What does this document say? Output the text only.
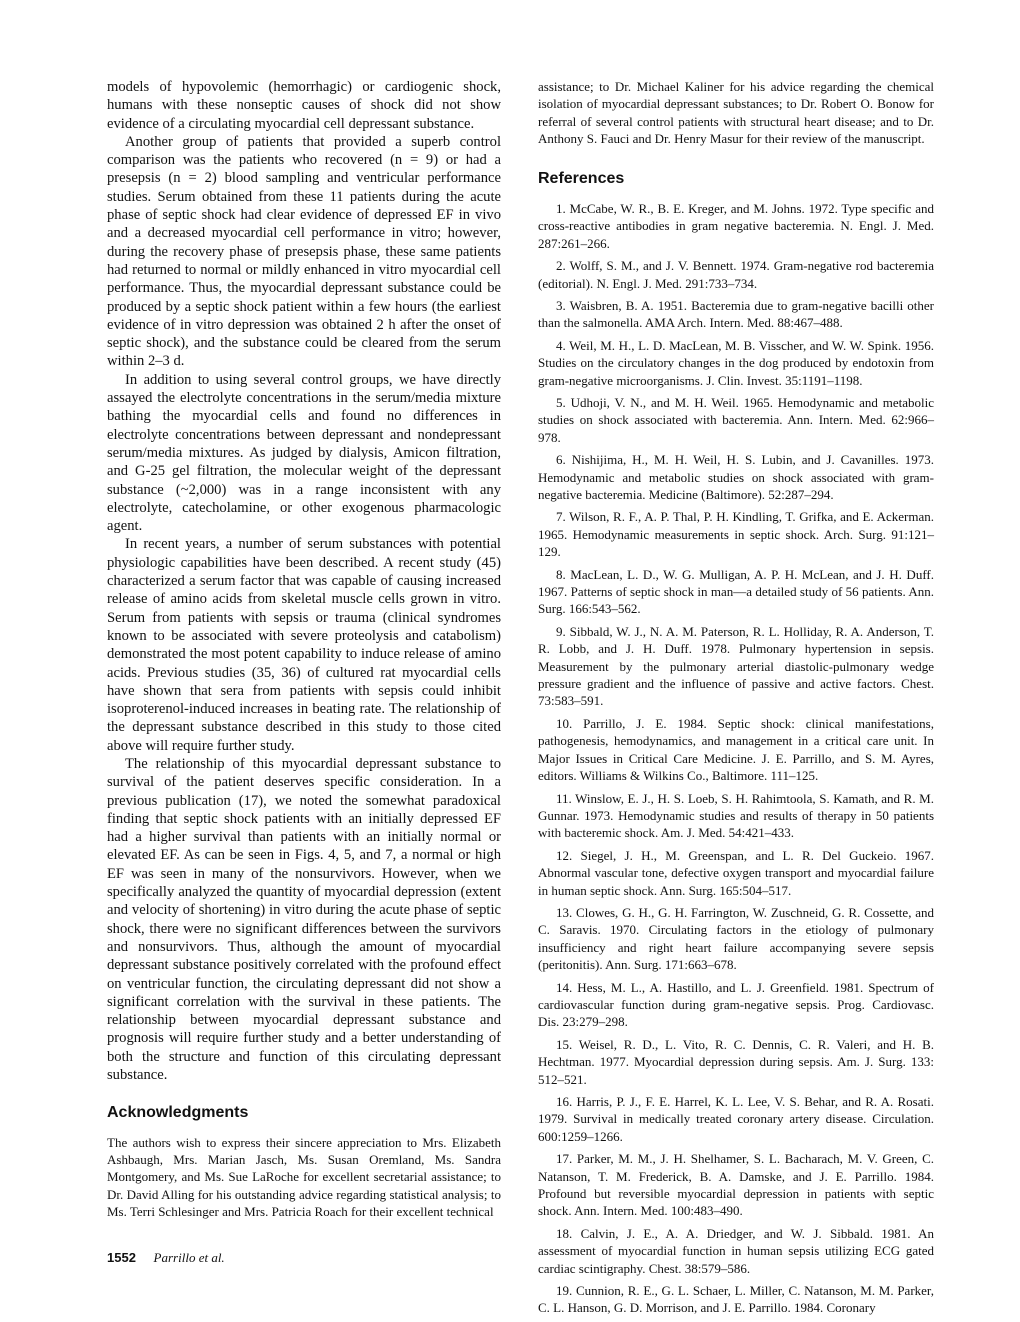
models of hypovolemic (hemorrhagic) or cardiogenic shock, humans with these nonseptic causes of shock did not show evidence of a circulating myocardial cell depressant substance.

Another group of patients that provided a superb control comparison was the patients who recovered (n = 9) or had a presepsis (n = 2) blood sampling and ventricular performance studies. Serum obtained from these 11 patients during the acute phase of septic shock had clear evidence of depressed EF in vivo and a decreased myocardial cell performance in vitro; however, during the recovery phase of presepsis phase, these same patients had returned to normal or mildly enhanced in vitro myocardial cell performance. Thus, the myocardial depressant substance could be produced by a septic shock patient within a few hours (the earliest evidence of in vitro depression was obtained 2 h after the onset of septic shock), and the substance could be cleared from the serum within 2–3 d.

In addition to using several control groups, we have directly assayed the electrolyte concentrations in the serum/media mixture bathing the myocardial cells and found no differences in electrolyte concentrations between depressant and nondepressant serum/media mixtures. As judged by dialysis, Amicon filtration, and G-25 gel filtration, the molecular weight of the depressant substance (~2,000) was in a range inconsistent with any electrolyte, catecholamine, or other exogenous pharmacologic agent.

In recent years, a number of serum substances with potential physiologic capabilities have been described. A recent study (45) characterized a serum factor that was capable of causing increased release of amino acids from skeletal muscle cells grown in vitro. Serum from patients with sepsis or trauma (clinical syndromes known to be associated with severe proteolysis and catabolism) demonstrated the most potent capability to induce release of amino acids. Previous studies (35, 36) of cultured rat myocardial cells have shown that sera from patients with sepsis could inhibit isoproterenol-induced increases in beating rate. The relationship of the depressant substance described in this study to those cited above will require further study.

The relationship of this myocardial depressant substance to survival of the patient deserves specific consideration. In a previous publication (17), we noted the somewhat paradoxical finding that septic shock patients with an initially depressed EF had a higher survival than patients with an initially normal or elevated EF. As can be seen in Figs. 4, 5, and 7, a normal or high EF was seen in many of the nonsurvivors. However, when we specifically analyzed the quantity of myocardial depression (extent and velocity of shortening) in vitro during the acute phase of septic shock, there were no significant differences between the survivors and nonsurvivors. Thus, although the amount of myocardial depressant substance positively correlated with the profound effect on ventricular function, the circulating depressant did not show a significant correlation with the survival in these patients. The relationship between myocardial depressant substance and prognosis will require further study and a better understanding of both the structure and function of this circulating depressant substance.

Acknowledgments

The authors wish to express their sincere appreciation to Mrs. Elizabeth Ashbaugh, Mrs. Marian Jasch, Ms. Susan Oremland, Ms. Sandra Montgomery, and Ms. Sue LaRoche for excellent secretarial assistance; to Dr. David Alling for his outstanding advice regarding statistical analysis; to Ms. Terri Schlesinger and Mrs. Patricia Roach for their excellent technical

assistance; to Dr. Michael Kaliner for his advice regarding the chemical isolation of myocardial depressant substances; to Dr. Robert O. Bonow for referral of several control patients with structural heart disease; and to Dr. Anthony S. Fauci and Dr. Henry Masur for their review of the manuscript.

References
1. McCabe, W. R., B. E. Kreger, and M. Johns. 1972. Type specific and cross-reactive antibodies in gram negative bacteremia. N. Engl. J. Med. 287:261–266.
2. Wolff, S. M., and J. V. Bennett. 1974. Gram-negative rod bacteremia (editorial). N. Engl. J. Med. 291:733–734.
3. Waisbren, B. A. 1951. Bacteremia due to gram-negative bacilli other than the salmonella. AMA Arch. Intern. Med. 88:467–488.
4. Weil, M. H., L. D. MacLean, M. B. Visscher, and W. W. Spink. 1956. Studies on the circulatory changes in the dog produced by endotoxin from gram-negative microorganisms. J. Clin. Invest. 35:1191–1198.
5. Udhoji, V. N., and M. H. Weil. 1965. Hemodynamic and metabolic studies on shock associated with bacteremia. Ann. Intern. Med. 62:966–978.
6. Nishijima, H., M. H. Weil, H. S. Lubin, and J. Cavanilles. 1973. Hemodynamic and metabolic studies on shock associated with gram-negative bacteremia. Medicine (Baltimore). 52:287–294.
7. Wilson, R. F., A. P. Thal, P. H. Kindling, T. Grifka, and E. Ackerman. 1965. Hemodynamic measurements in septic shock. Arch. Surg. 91:121–129.
8. MacLean, L. D., W. G. Mulligan, A. P. H. McLean, and J. H. Duff. 1967. Patterns of septic shock in man—a detailed study of 56 patients. Ann. Surg. 166:543–562.
9. Sibbald, W. J., N. A. M. Paterson, R. L. Holliday, R. A. Anderson, T. R. Lobb, and J. H. Duff. 1978. Pulmonary hypertension in sepsis. Measurement by the pulmonary arterial diastolic-pulmonary wedge pressure gradient and the influence of passive and active factors. Chest. 73:583–591.
10. Parrillo, J. E. 1984. Septic shock: clinical manifestations, pathogenesis, hemodynamics, and management in a critical care unit. In Major Issues in Critical Care Medicine. J. E. Parrillo, and S. M. Ayres, editors. Williams & Wilkins Co., Baltimore. 111–125.
11. Winslow, E. J., H. S. Loeb, S. H. Rahimtoola, S. Kamath, and R. M. Gunnar. 1973. Hemodynamic studies and results of therapy in 50 patients with bacteremic shock. Am. J. Med. 54:421–433.
12. Siegel, J. H., M. Greenspan, and L. R. Del Guckeio. 1967. Abnormal vascular tone, defective oxygen transport and myocardial failure in human septic shock. Ann. Surg. 165:504–517.
13. Clowes, G. H., G. H. Farrington, W. Zuschneid, G. R. Cossette, and C. Saravis. 1970. Circulating factors in the etiology of pulmonary insufficiency and right heart failure accompanying severe sepsis (peritonitis). Ann. Surg. 171:663–678.
14. Hess, M. L., A. Hastillo, and L. J. Greenfield. 1981. Spectrum of cardiovascular function during gram-negative sepsis. Prog. Cardiovasc. Dis. 23:279–298.
15. Weisel, R. D., L. Vito, R. C. Dennis, C. R. Valeri, and H. B. Hechtman. 1977. Myocardial depression during sepsis. Am. J. Surg. 133: 512–521.
16. Harris, P. J., F. E. Harrel, K. L. Lee, V. S. Behar, and R. A. Rosati. 1979. Survival in medically treated coronary artery disease. Circulation. 600:1259–1266.
17. Parker, M. M., J. H. Shelhamer, S. L. Bacharach, M. V. Green, C. Natanson, T. M. Frederick, B. A. Damske, and J. E. Parrillo. 1984. Profound but reversible myocardial depression in patients with septic shock. Ann. Intern. Med. 100:483–490.
18. Calvin, J. E., A. A. Driedger, and W. J. Sibbald. 1981. An assessment of myocardial function in human sepsis utilizing ECG gated cardiac scintigraphy. Chest. 38:579–586.
19. Cunnion, R. E., G. L. Schaer, L. Miller, C. Natanson, M. M. Parker, C. L. Hanson, G. D. Morrison, and J. E. Parrillo. 1984. Coronary
1552 Parrillo et al.
